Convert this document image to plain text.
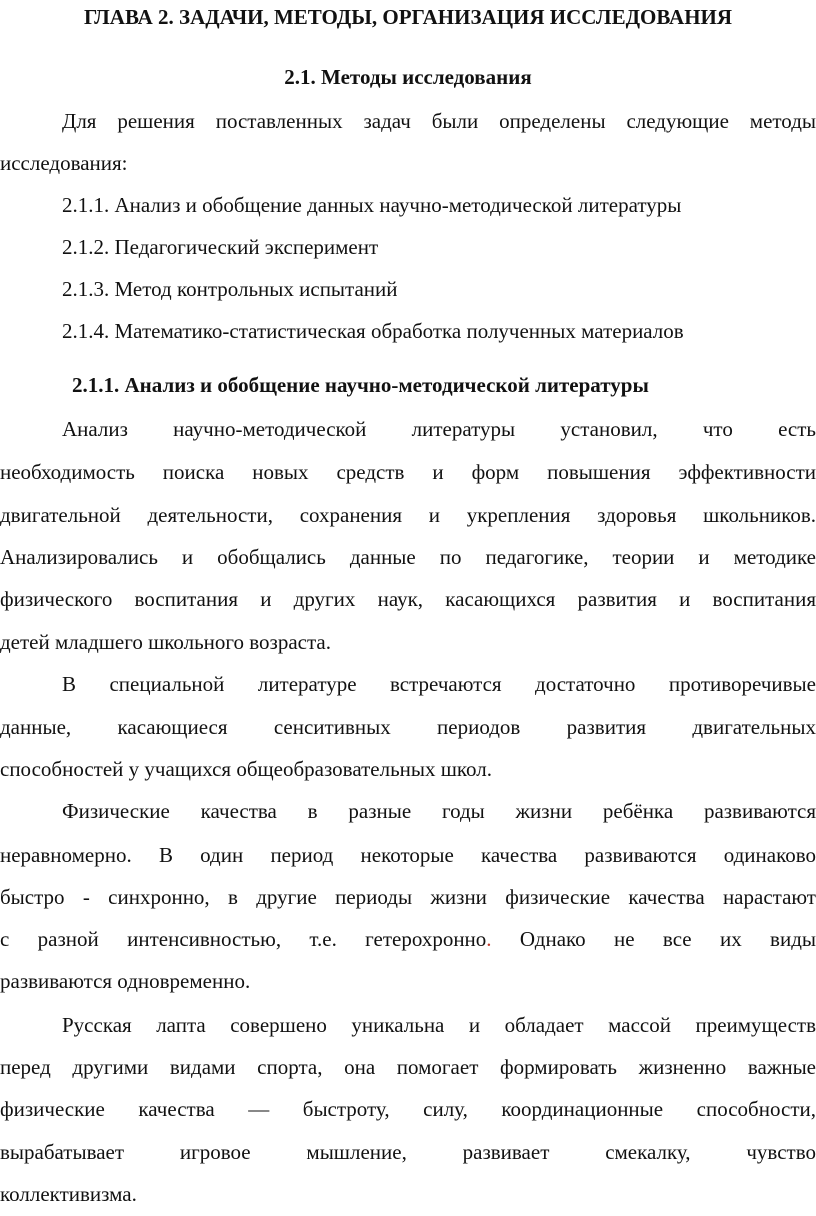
ГЛАВА 2. ЗАДАЧИ, МЕТОДЫ, ОРГАНИЗАЦИЯ ИССЛЕДОВАНИЯ
2.1. Методы исследования
Для решения поставленных задач были определены следующие методы
исследования:
2.1.1. Анализ и обобщение данных научно-методической литературы
2.1.2. Педагогический эксперимент
2.1.3. Метод контрольных испытаний
2.1.4. Математико-статистическая обработка полученных материалов
2.1.1. Анализ и обобщение научно-методической литературы
Анализ научно-методической литературы установил, что есть
необходимость поиска новых средств и форм повышения эффективности
двигательной деятельности, сохранения и укрепления здоровья школьников.
Анализировались и обобщались данные по педагогике, теории и методике
физического воспитания и других наук, касающихся развития и воспитания
детей младшего школьного возраста.
В специальной литературе встречаются достаточно противоречивые
данные, касающиеся сенситивных периодов развития двигательных
способностей у учащихся общеобразовательных школ.
Физические качества в разные годы жизни ребёнка развиваются
неравномерно. В один период некоторые качества развиваются одинаково
быстро - синхронно, в другие периоды жизни физические качества нарастают
с разной интенсивностью, т.е. гетерохронно. Однако не все их виды
развиваются одновременно.
Русская лапта совершено уникальна и обладает массой преимуществ
перед другими видами спорта, она помогает формировать жизненно важные
физические качества — быстроту, силу, координационные способности,
вырабатывает игровое мышление, развивает смекалку, чувство
коллективизма.
